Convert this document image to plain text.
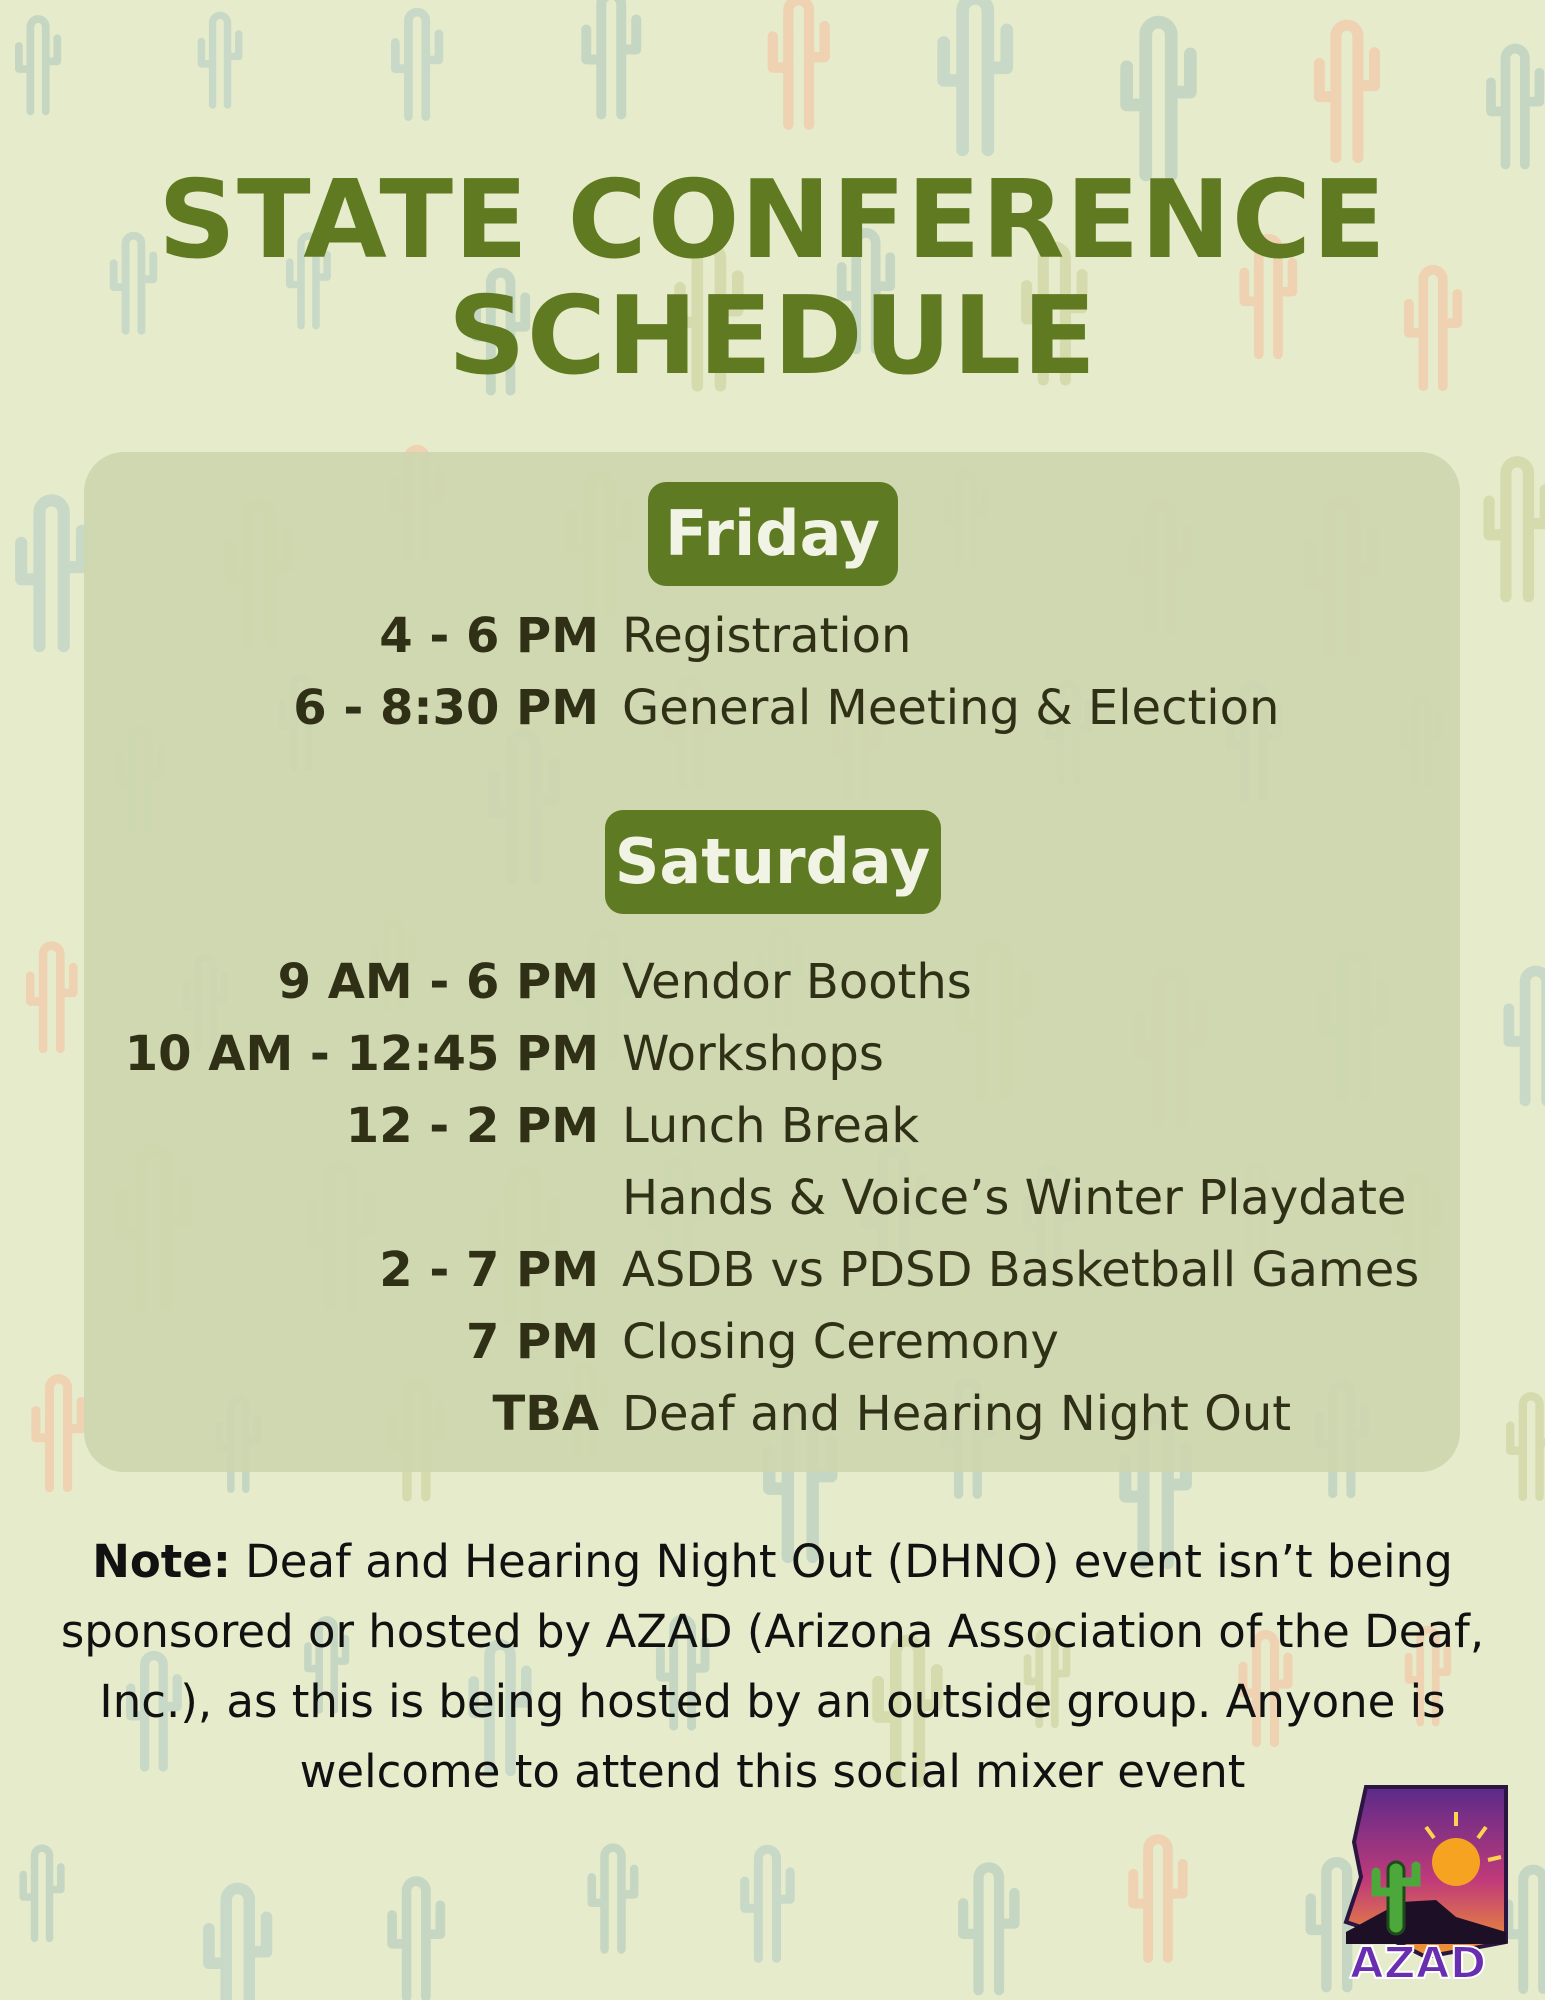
STATE CONFERENCE
SCHEDULE
Friday
4 - 6 PM Registration
6 - 8:30 PM General Meeting & Election
Saturday
9 AM - 6 PM Vendor Booths
10 AM - 12:45 PM Workshops
12 - 2 PM Lunch Break
Hands & Voice’s Winter Playdate
2 - 7 PM ASDB vs PDSD Basketball Games
7 PM Closing Ceremony
TBA Deaf and Hearing Night Out
Note: Deaf and Hearing Night Out (DHNO) event isn’t being sponsored or hosted by AZAD (Arizona Association of the Deaf, Inc.), as this is being hosted by an outside group. Anyone is welcome to attend this social mixer event
AZAD
